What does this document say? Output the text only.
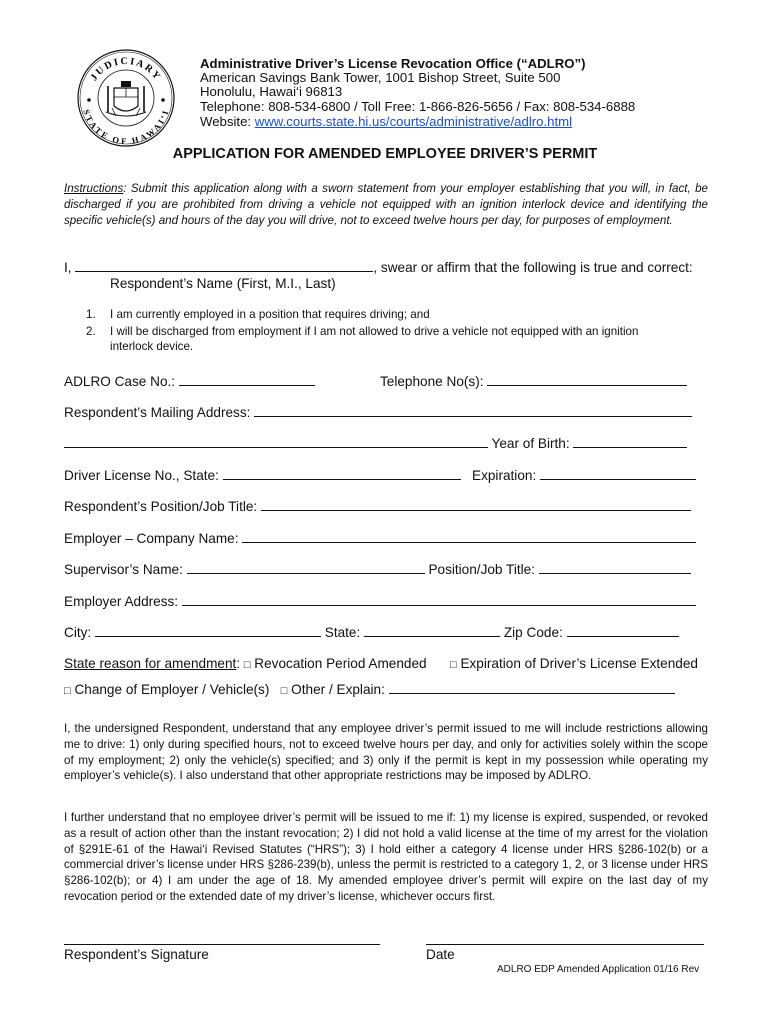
JUDICIARY
STATE OF HAWAI‘I
Administrative Driver’s License Revocation Office (“ADLRO”)
American Savings Bank Tower, 1001 Bishop Street, Suite 500
Honolulu, Hawai‘i 96813
Telephone: 808-534-6800 / Toll Free: 1-866-826-5656 / Fax: 808-534-6888
Website: www.courts.state.hi.us/courts/administrative/adlro.html
APPLICATION FOR AMENDED EMPLOYEE DRIVER’S PERMIT
Instructions: Submit this application along with a sworn statement from your employer establishing that you will, in fact, be discharged if you are prohibited from driving a vehicle not equipped with an ignition interlock device and identifying the specific vehicle(s) and hours of the day you will drive, not to exceed twelve hours per day, for purposes of employment.
I,	, swear or affirm that the following is true and correct:
Respondent’s Name (First, M.I., Last)
1. I am currently employed in a position that requires driving; and
2. I will be discharged from employment if I am not allowed to drive a vehicle not equipped with an ignition
interlock device.
ADLRO Case No.:	Telephone No(s):
Respondent’s Mailing Address:
Year of Birth:
Driver License No., State:	Expiration:
Respondent’s Position/Job Title:
Employer – Company Name:
Supervisor’s Name:	Position/Job Title:
Employer Address:
City:	State:	Zip Code:
State reason for amendment: □ Revocation Period Amended □ Expiration of Driver’s License Extended
□ Change of Employer / Vehicle(s) □ Other / Explain:
I, the undersigned Respondent, understand that any employee driver’s permit issued to me will include restrictions allowing me to drive: 1) only during specified hours, not to exceed twelve hours per day, and only for activities solely within the scope of my employment; 2) only the vehicle(s) specified; and 3) only if the permit is kept in my possession while operating my employer’s vehicle(s). I also understand that other appropriate restrictions may be imposed by ADLRO.
I further understand that no employee driver’s permit will be issued to me if: 1) my license is expired, suspended, or revoked as a result of action other than the instant revocation; 2) I did not hold a valid license at the time of my arrest for the violation of §291E-61 of the Hawai‘i Revised Statutes (“HRS”); 3) I hold either a category 4 license under HRS §286-102(b) or a commercial driver’s license under HRS §286-239(b), unless the permit is restricted to a category 1, 2, or 3 license under HRS §286-102(b); or 4) I am under the age of 18. My amended employee driver’s permit will expire on the last day of my revocation period or the extended date of my driver’s license, whichever occurs first.
Respondent’s Signature	Date
ADLRO EDP Amended Application 01/16 Rev
